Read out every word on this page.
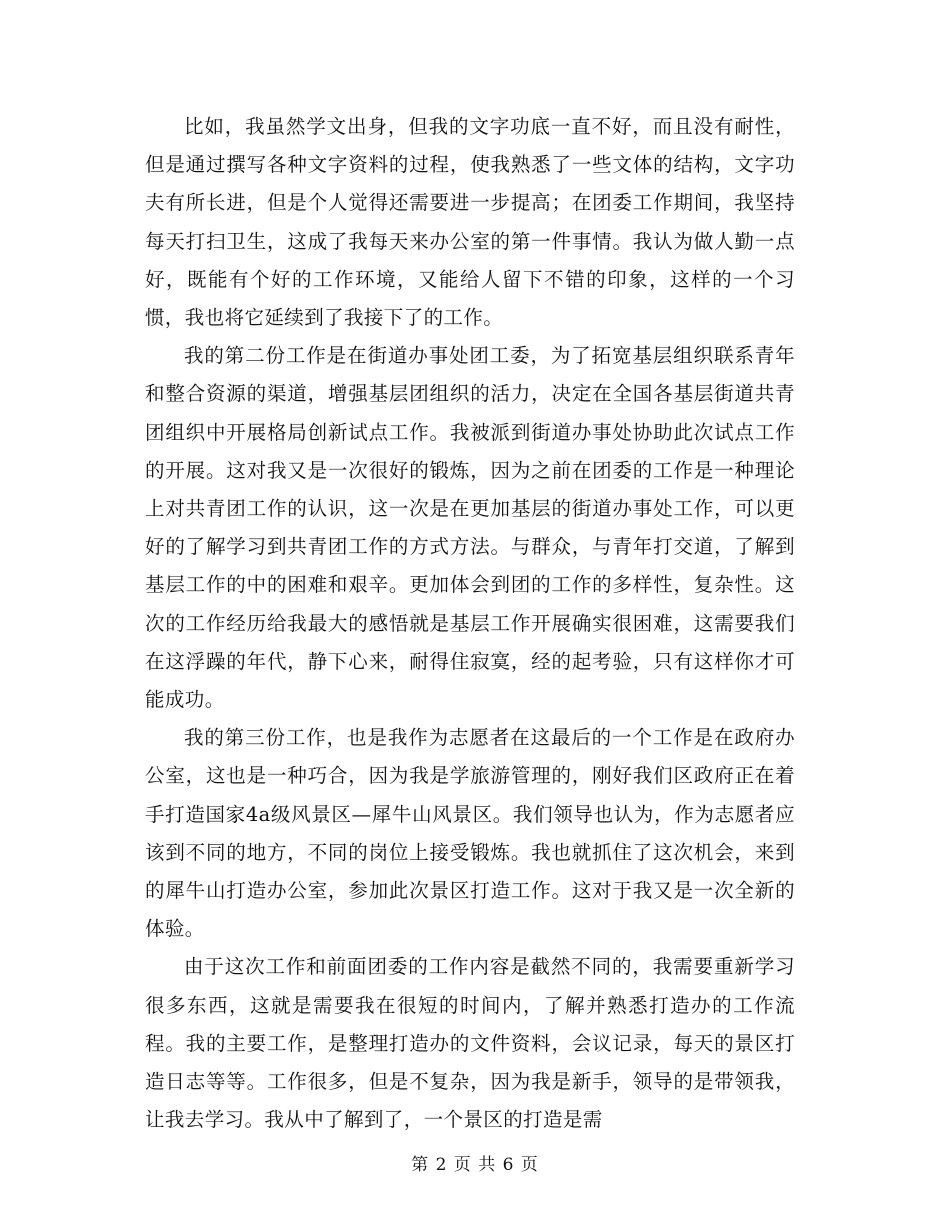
比如，我虽然学文出身，但我的文字功底一直不好，而且没有耐性，但是通过撰写各种文字资料的过程，使我熟悉了一些文体的结构，文字功夫有所长进，但是个人觉得还需要进一步提高；在团委工作期间，我坚持每天打扫卫生，这成了我每天来办公室的第一件事情。我认为做人勤一点好，既能有个好的工作环境，又能给人留下不错的印象，这样的一个习惯，我也将它延续到了我接下了的工作。

我的第二份工作是在街道办事处团工委，为了拓宽基层组织联系青年和整合资源的渠道，增强基层团组织的活力，决定在全国各基层街道共青团组织中开展格局创新试点工作。我被派到街道办事处协助此次试点工作的开展。这对我又是一次很好的锻炼，因为之前在团委的工作是一种理论上对共青团工作的认识，这一次是在更加基层的街道办事处工作，可以更好的了解学习到共青团工作的方式方法。与群众，与青年打交道，了解到基层工作的中的困难和艰辛。更加体会到团的工作的多样性，复杂性。这次的工作经历给我最大的感悟就是基层工作开展确实很困难，这需要我们在这浮躁的年代，静下心来，耐得住寂寞，经的起考验，只有这样你才可能成功。

我的第三份工作，也是我作为志愿者在这最后的一个工作是在政府办公室，这也是一种巧合，因为我是学旅游管理的，刚好我们区政府正在着手打造国家4a级风景区—犀牛山风景区。我们领导也认为，作为志愿者应该到不同的地方，不同的岗位上接受锻炼。我也就抓住了这次机会，来到的犀牛山打造办公室，参加此次景区打造工作。这对于我又是一次全新的体验。

由于这次工作和前面团委的工作内容是截然不同的，我需要重新学习很多东西，这就是需要我在很短的时间内，了解并熟悉打造办的工作流程。我的主要工作，是整理打造办的文件资料，会议记录，每天的景区打造日志等等。工作很多，但是不复杂，因为我是新手，领导的是带领我，让我去学习。我从中了解到了，一个景区的打造是需

第 2 页 共 6 页
